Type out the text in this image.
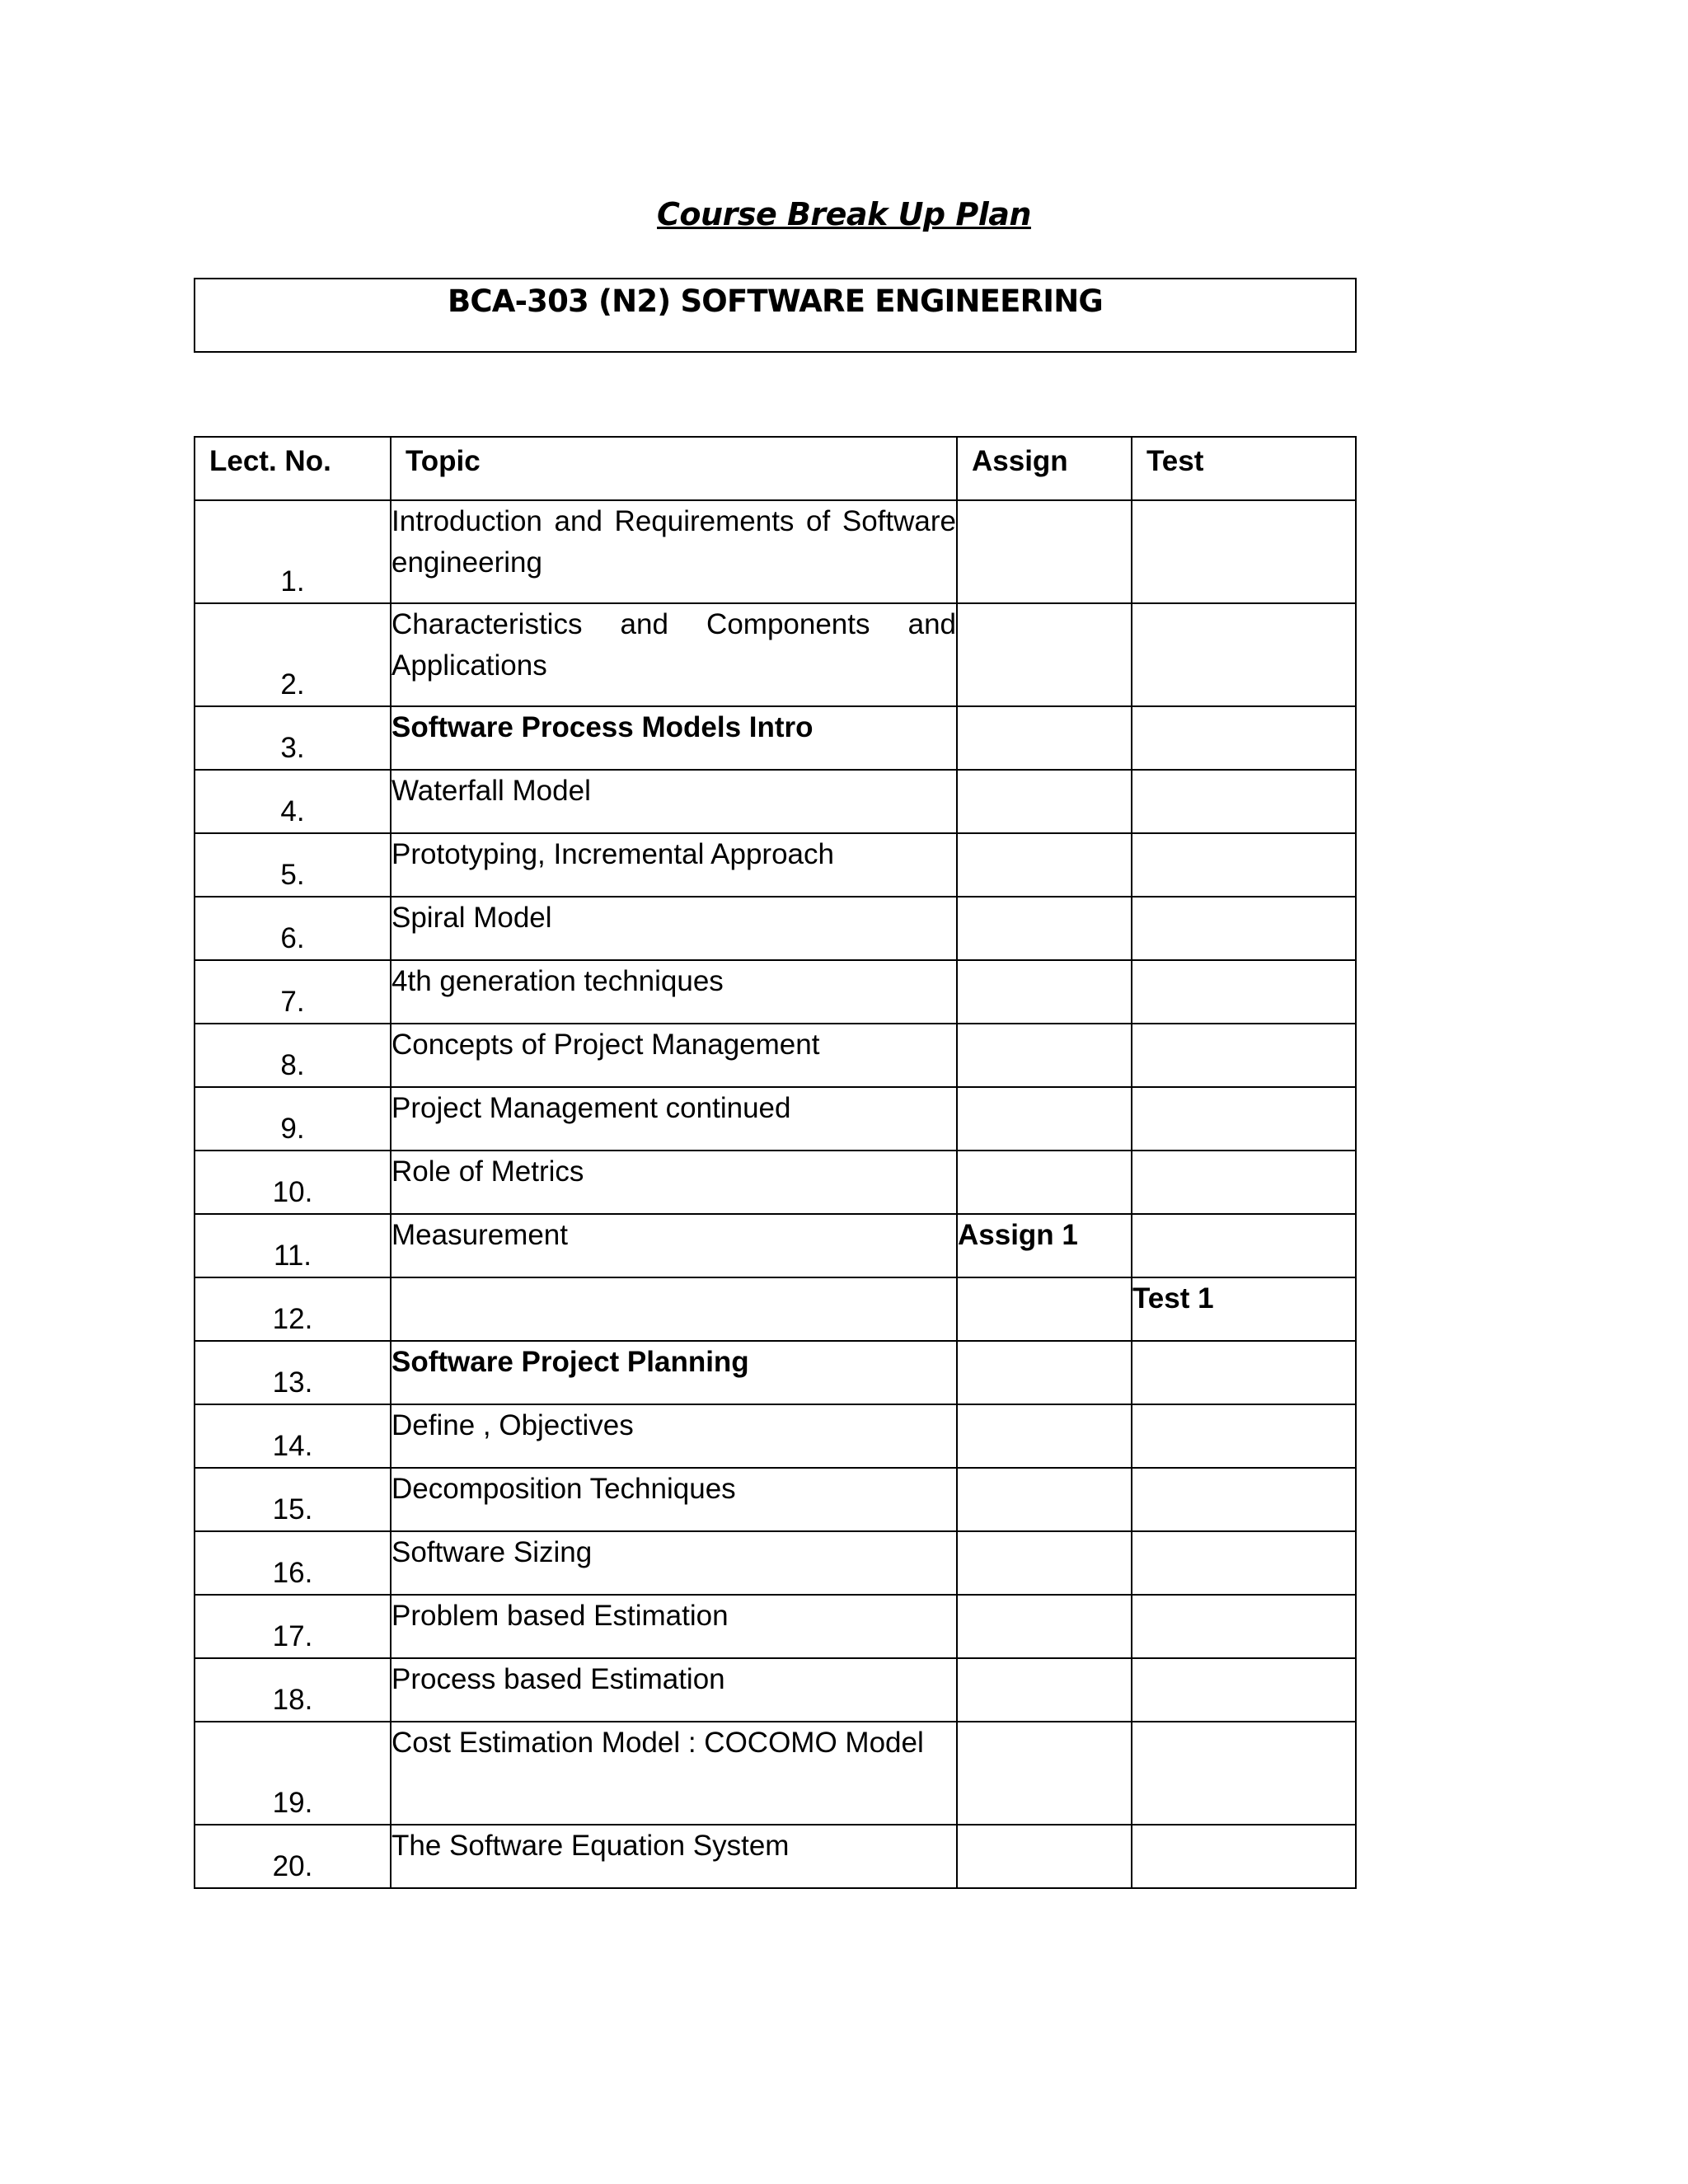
Course Break Up Plan
BCA-303 (N2) SOFTWARE ENGINEERING
Lect. No.	Topic	Assign	Test
1.	Introduction and Requirements of Software engineering		
2.	Characteristics and Components and Applications		
3.	Software Process Models Intro		
4.	Waterfall Model		
5.	Prototyping, Incremental Approach		
6.	Spiral Model		
7.	4th generation techniques		
8.	Concepts of Project Management		
9.	Project Management continued		
10.	Role of Metrics		
11.	Measurement	Assign 1	
12.			Test 1
13.	Software Project Planning		
14.	Define , Objectives		
15.	Decomposition Techniques		
16.	Software Sizing		
17.	Problem based Estimation		
18.	Process based Estimation		
19.	Cost Estimation Model : COCOMO Model		
20.	The Software Equation System		
